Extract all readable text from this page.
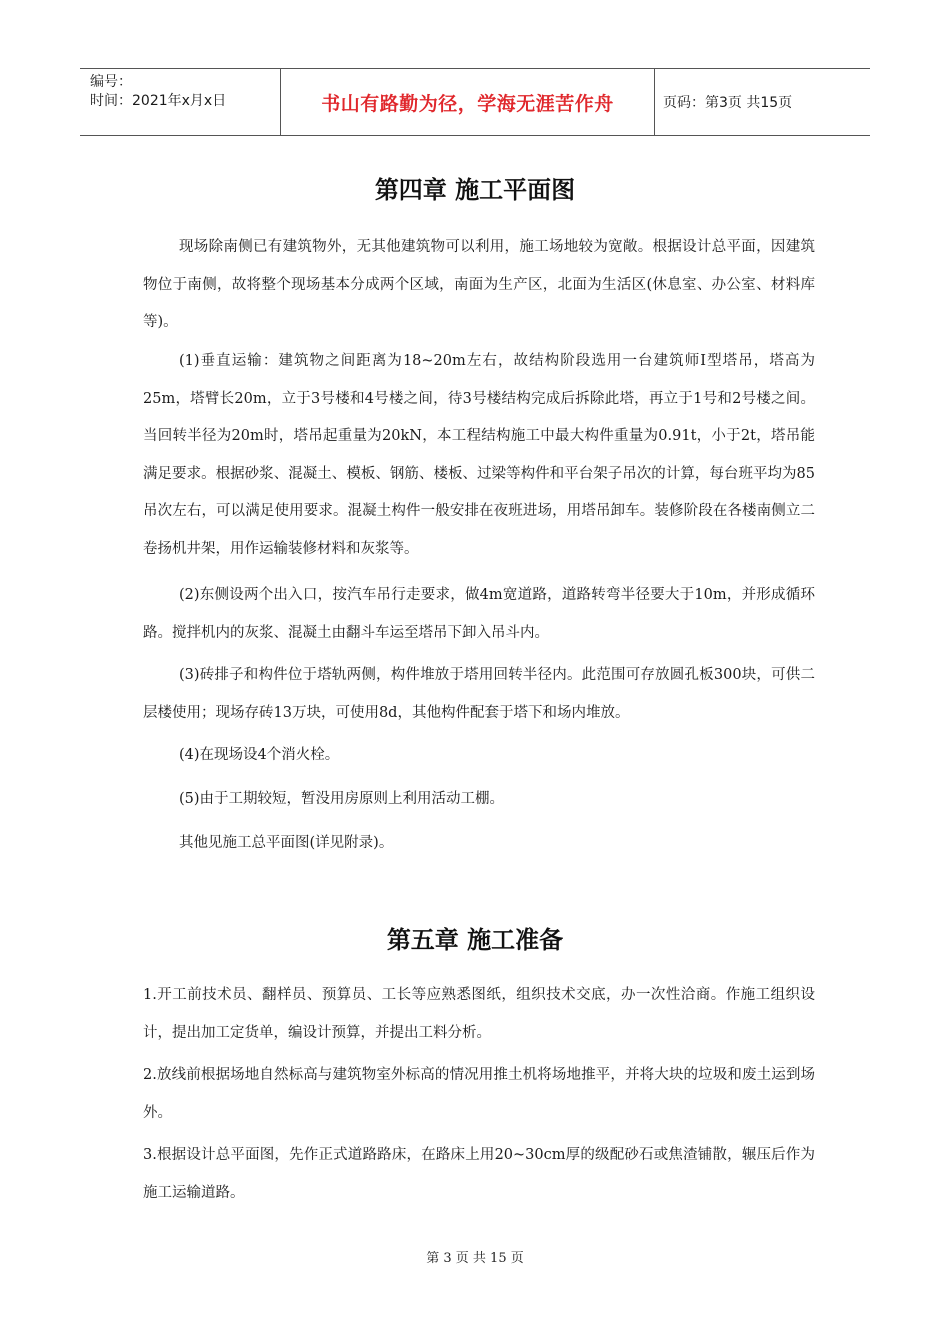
编号：
时间：2021年x月x日	书山有路勤为径，学海无涯苦作舟	页码：第3页 共15页
第四章 施工平面图

现场除南侧已有建筑物外，无其他建筑物可以利用，施工场地较为宽敞。根据设计总平面，因建筑物位于南侧，故将整个现场基本分成两个区域，南面为生产区，北面为生活区(休息室、办公室、材料库等)。

(1)垂直运输：建筑物之间距离为18~20m左右，故结构阶段选用一台建筑师I型塔吊，塔高为25m，塔臂长20m，立于3号楼和4号楼之间，待3号楼结构完成后拆除此塔，再立于1号和2号楼之间。当回转半径为20m时，塔吊起重量为20kN，本工程结构施工中最大构件重量为0.91t，小于2t，塔吊能满足要求。根据砂浆、混凝土、模板、钢筋、楼板、过梁等构件和平台架子吊次的计算，每台班平均为85吊次左右，可以满足使用要求。混凝土构件一般安排在夜班进场，用塔吊卸车。装修阶段在各楼南侧立二卷扬机井架，用作运输装修材料和灰浆等。

(2)东侧设两个出入口，按汽车吊行走要求，做4m宽道路，道路转弯半径要大于10m，并形成循环路。搅拌机内的灰浆、混凝土由翻斗车运至塔吊下卸入吊斗内。

(3)砖排子和构件位于塔轨两侧，构件堆放于塔用回转半径内。此范围可存放圆孔板300块，可供二层楼使用；现场存砖13万块，可使用8d，其他构件配套于塔下和场内堆放。

(4)在现场设4个消火栓。

(5)由于工期较短，暂没用房原则上利用活动工棚。

其他见施工总平面图(详见附录)。

第五章 施工准备

1.开工前技术员、翻样员、预算员、工长等应熟悉图纸，组织技术交底，办一次性洽商。作施工组织设计，提出加工定货单，编设计预算，并提出工料分析。

2.放线前根据场地自然标高与建筑物室外标高的情况用推土机将场地推平，并将大块的垃圾和废土运到场外。

3.根据设计总平面图，先作正式道路路床，在路床上用20~30cm厚的级配砂石或焦渣铺散，辗压后作为施工运输道路。

第 3 页 共 15 页
